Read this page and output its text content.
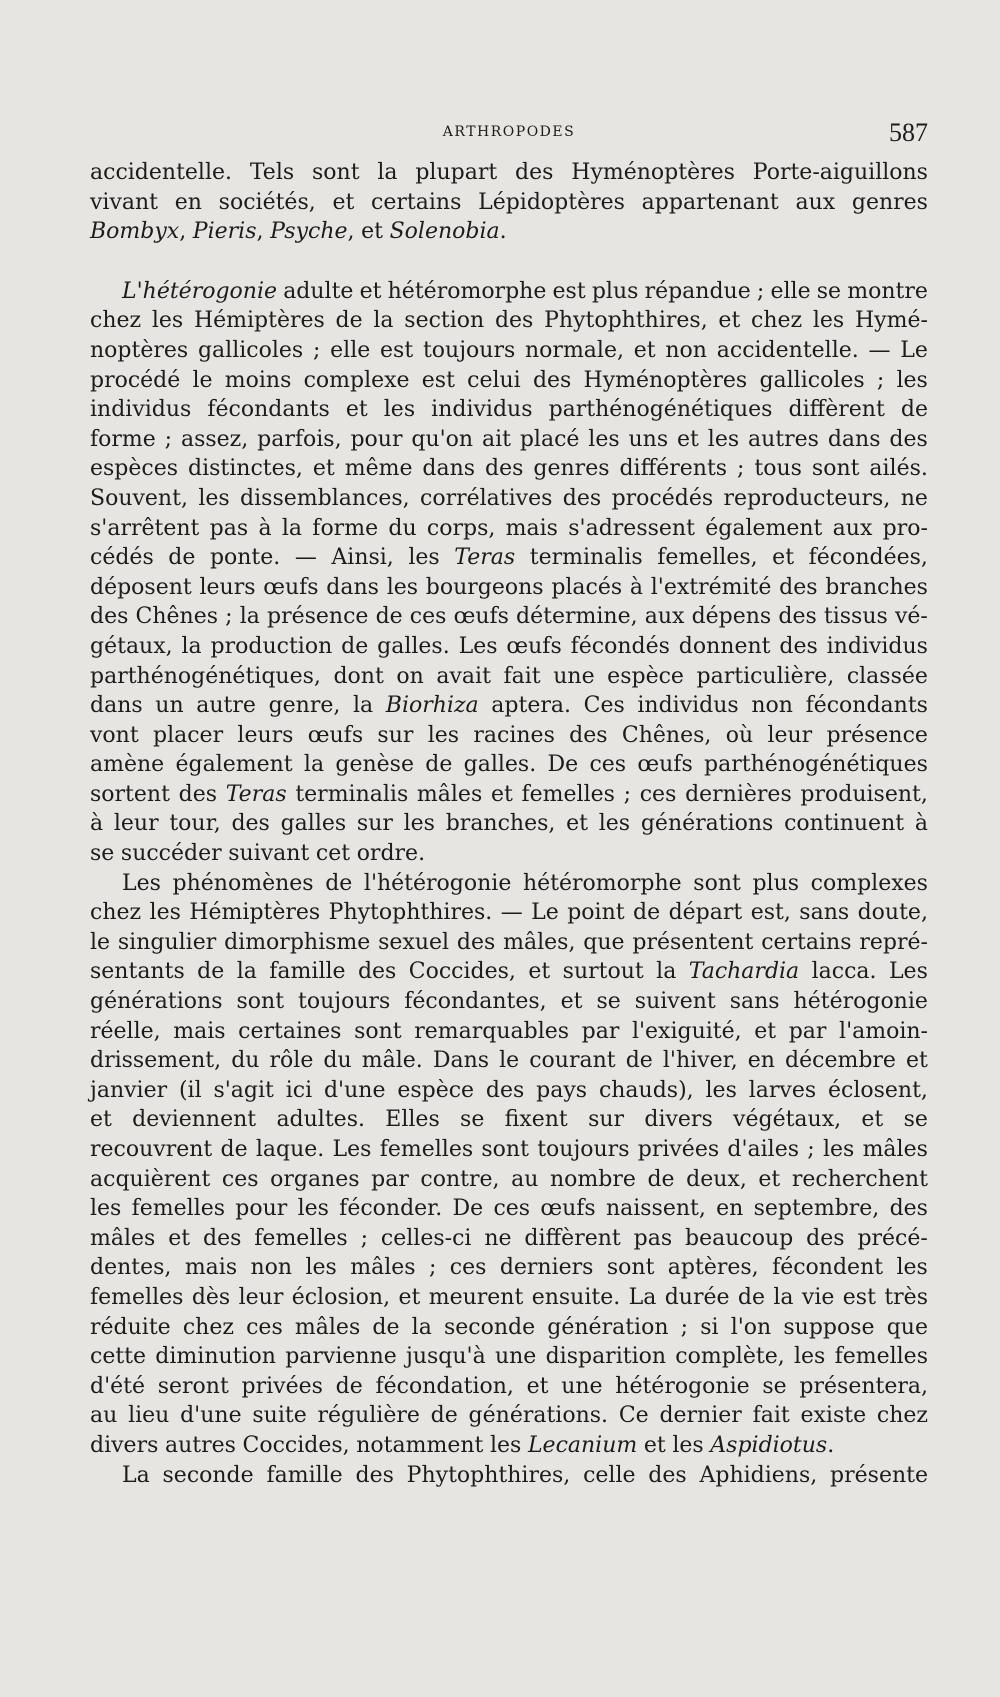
ARTHROPODES	587
accidentelle. Tels sont la plupart des Hyménoptères Porte-aiguillons
vivant en sociétés, et certains Lépidoptères appartenant aux genres
Bombyx, Pieris, Psyche, et Solenobia.
L'hétérogonie adulte et hétéromorphe est plus répandue ; elle se montre
chez les Hémiptères de la section des Phytophthires, et chez les Hymé-
noptères gallicoles ; elle est toujours normale, et non accidentelle. — Le
procédé le moins complexe est celui des Hyménoptères gallicoles ; les
individus fécondants et les individus parthénogénétiques diffèrent de
forme ; assez, parfois, pour qu'on ait placé les uns et les autres dans des
espèces distinctes, et même dans des genres différents ; tous sont ailés.
Souvent, les dissemblances, corrélatives des procédés reproducteurs, ne
s'arrêtent pas à la forme du corps, mais s'adressent également aux pro-
cédés de ponte. — Ainsi, les Teras terminalis femelles, et fécondées,
déposent leurs œufs dans les bourgeons placés à l'extrémité des branches
des Chênes ; la présence de ces œufs détermine, aux dépens des tissus vé-
gétaux, la production de galles. Les œufs fécondés donnent des individus
parthénogénétiques, dont on avait fait une espèce particulière, classée
dans un autre genre, la Biorhiza aptera. Ces individus non fécondants
vont placer leurs œufs sur les racines des Chênes, où leur présence
amène également la genèse de galles. De ces œufs parthénogénétiques
sortent des Teras terminalis mâles et femelles ; ces dernières produisent,
à leur tour, des galles sur les branches, et les générations continuent à
se succéder suivant cet ordre.
Les phénomènes de l'hétérogonie hétéromorphe sont plus complexes
chez les Hémiptères Phytophthires. — Le point de départ est, sans doute,
le singulier dimorphisme sexuel des mâles, que présentent certains repré-
sentants de la famille des Coccides, et surtout la Tachardia lacca. Les
générations sont toujours fécondantes, et se suivent sans hétérogonie
réelle, mais certaines sont remarquables par l'exiguité, et par l'amoin-
drissement, du rôle du mâle. Dans le courant de l'hiver, en décembre et
janvier (il s'agit ici d'une espèce des pays chauds), les larves éclosent,
et deviennent adultes. Elles se fixent sur divers végétaux, et se
recouvrent de laque. Les femelles sont toujours privées d'ailes ; les mâles
acquièrent ces organes par contre, au nombre de deux, et recherchent
les femelles pour les féconder. De ces œufs naissent, en septembre, des
mâles et des femelles ; celles-ci ne diffèrent pas beaucoup des précé-
dentes, mais non les mâles ; ces derniers sont aptères, fécondent les
femelles dès leur éclosion, et meurent ensuite. La durée de la vie est très
réduite chez ces mâles de la seconde génération ; si l'on suppose que
cette diminution parvienne jusqu'à une disparition complète, les femelles
d'été seront privées de fécondation, et une hétérogonie se présentera,
au lieu d'une suite régulière de générations. Ce dernier fait existe chez
divers autres Coccides, notamment les Lecanium et les Aspidiotus.
La seconde famille des Phytophthires, celle des Aphidiens, présente
